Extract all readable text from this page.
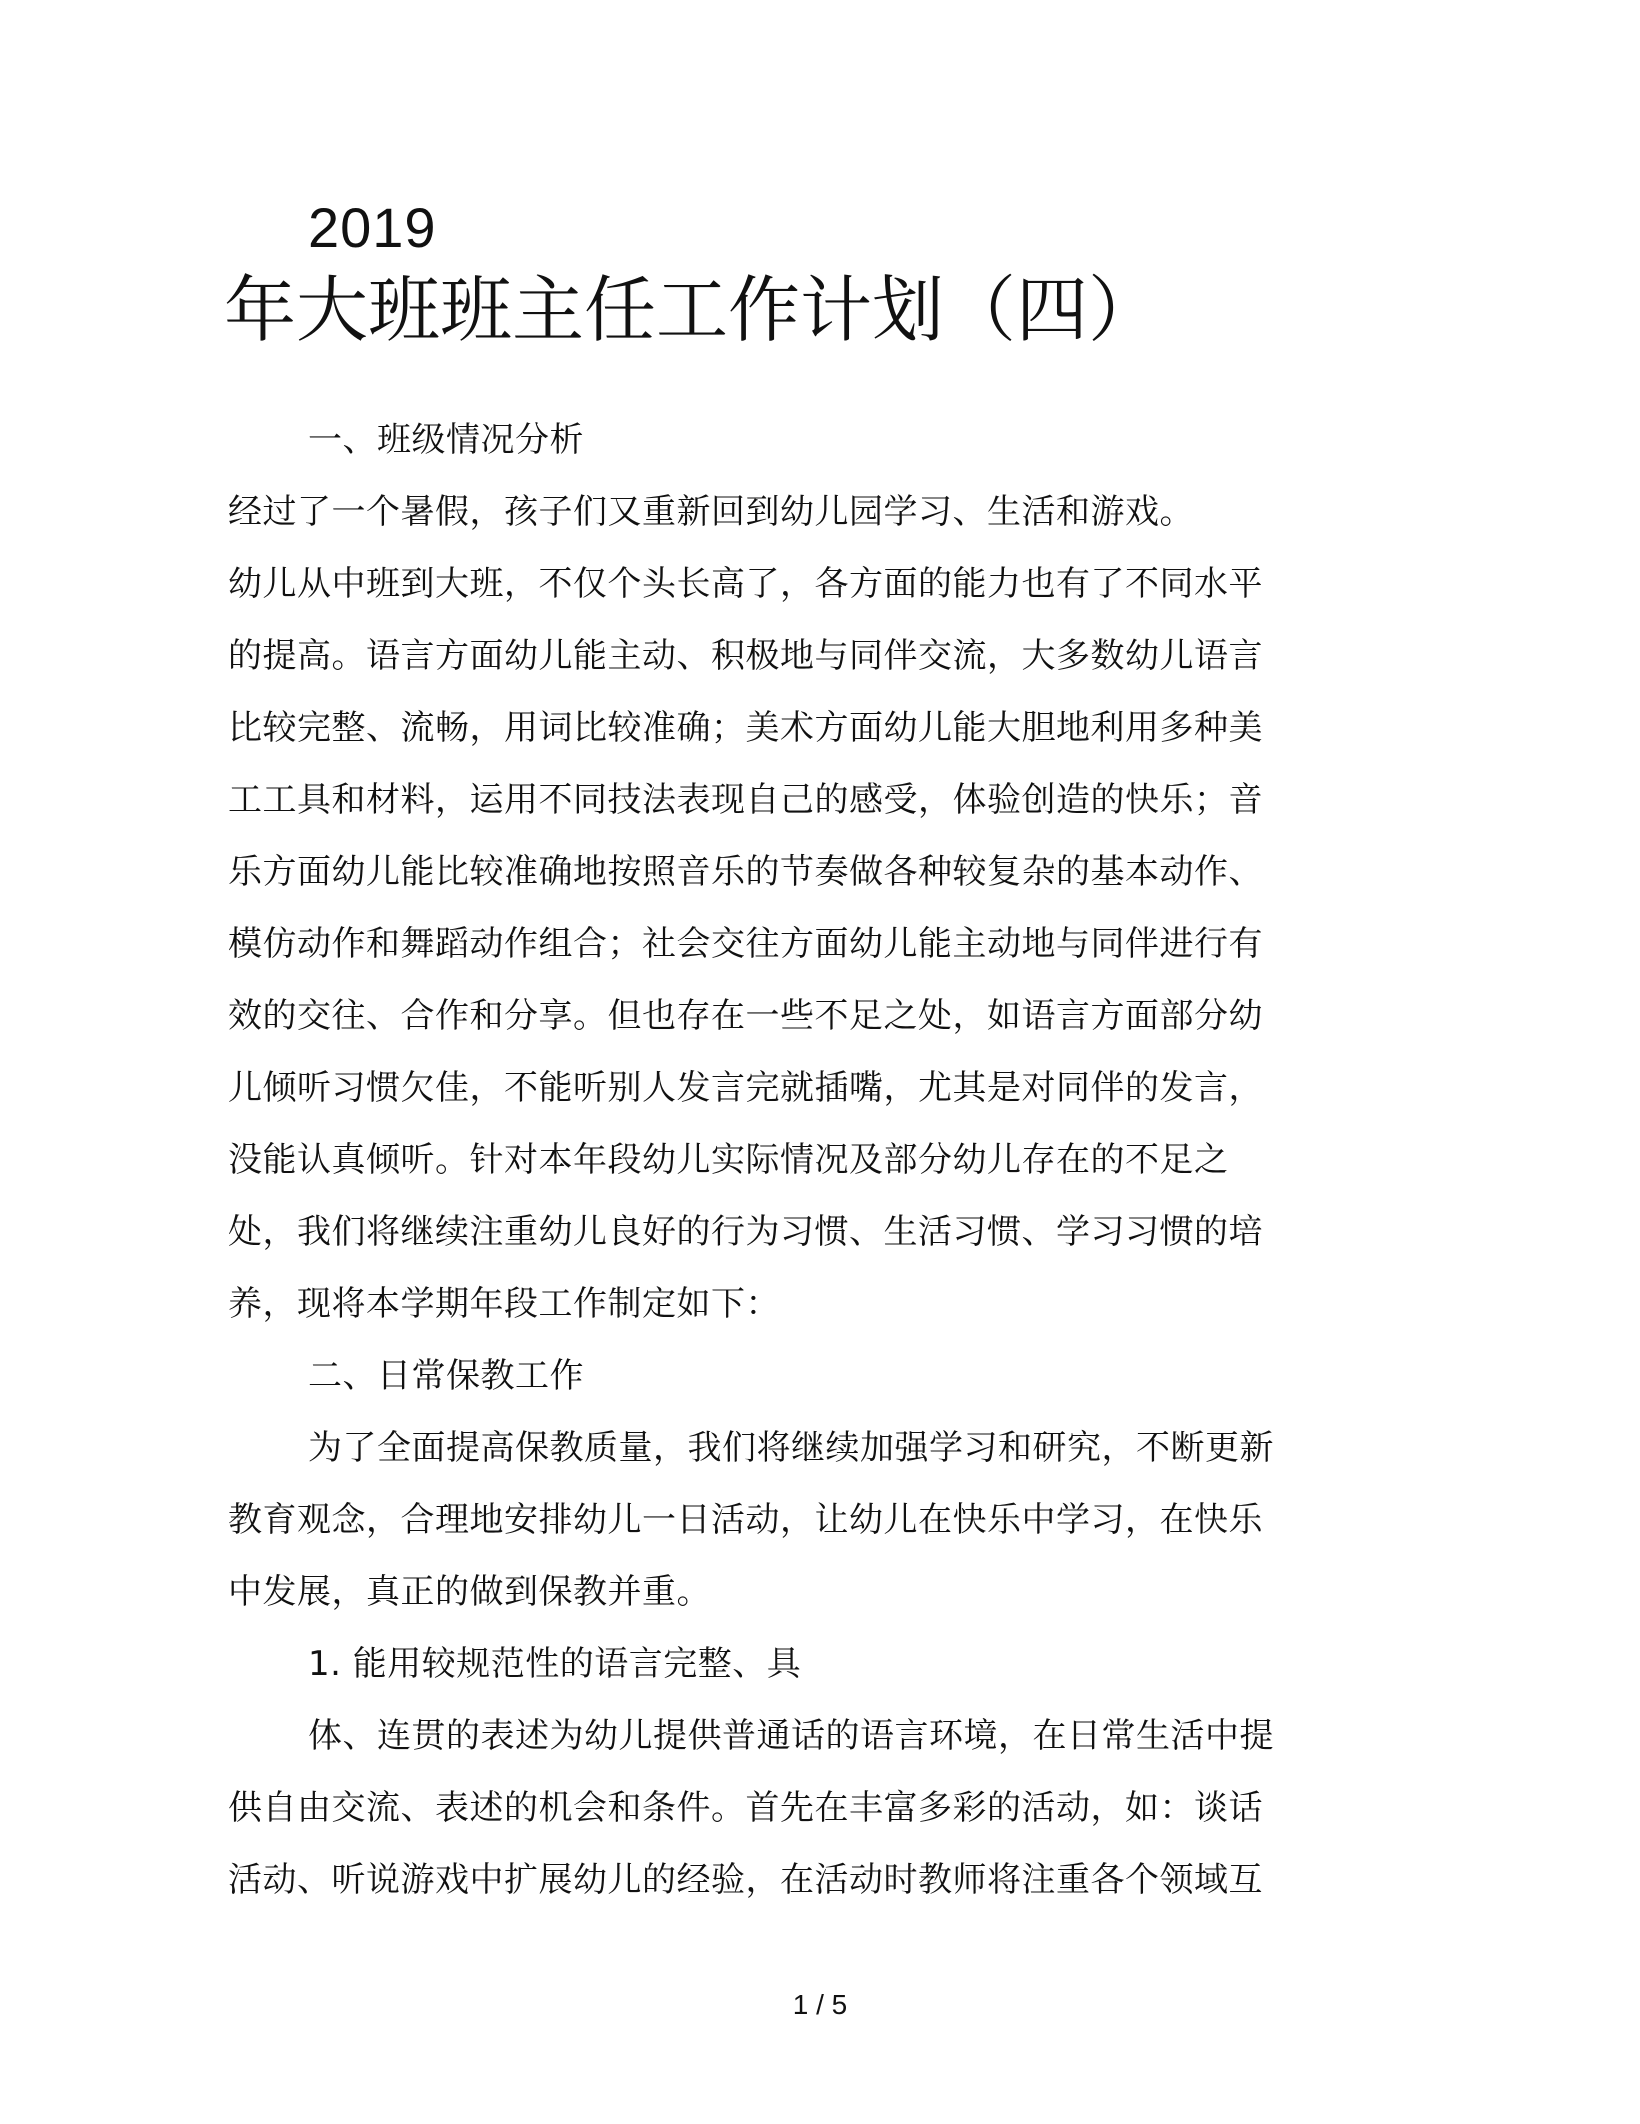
2019
年大班班主任工作计划（四）
一、班级情况分析
经过了一个暑假，孩子们又重新回到幼儿园学习、生活和游戏。
幼儿从中班到大班，不仅个头长高了，各方面的能力也有了不同水平
的提高。语言方面幼儿能主动、积极地与同伴交流，大多数幼儿语言
比较完整、流畅，用词比较准确；美术方面幼儿能大胆地利用多种美
工工具和材料，运用不同技法表现自己的感受，体验创造的快乐；音
乐方面幼儿能比较准确地按照音乐的节奏做各种较复杂的基本动作、
模仿动作和舞蹈动作组合；社会交往方面幼儿能主动地与同伴进行有
效的交往、合作和分享。但也存在一些不足之处，如语言方面部分幼
儿倾听习惯欠佳，不能听别人发言完就插嘴，尤其是对同伴的发言，
没能认真倾听。针对本年段幼儿实际情况及部分幼儿存在的不足之
处，我们将继续注重幼儿良好的行为习惯、生活习惯、学习习惯的培
养，现将本学期年段工作制定如下：
二、日常保教工作
为了全面提高保教质量，我们将继续加强学习和研究，不断更新
教育观念，合理地安排幼儿一日活动，让幼儿在快乐中学习，在快乐
中发展，真正的做到保教并重。
1. 能用较规范性的语言完整、具
体、连贯的表述为幼儿提供普通话的语言环境，在日常生活中提
供自由交流、表述的机会和条件。首先在丰富多彩的活动，如：谈话
活动、听说游戏中扩展幼儿的经验，在活动时教师将注重各个领域互
1 / 5
